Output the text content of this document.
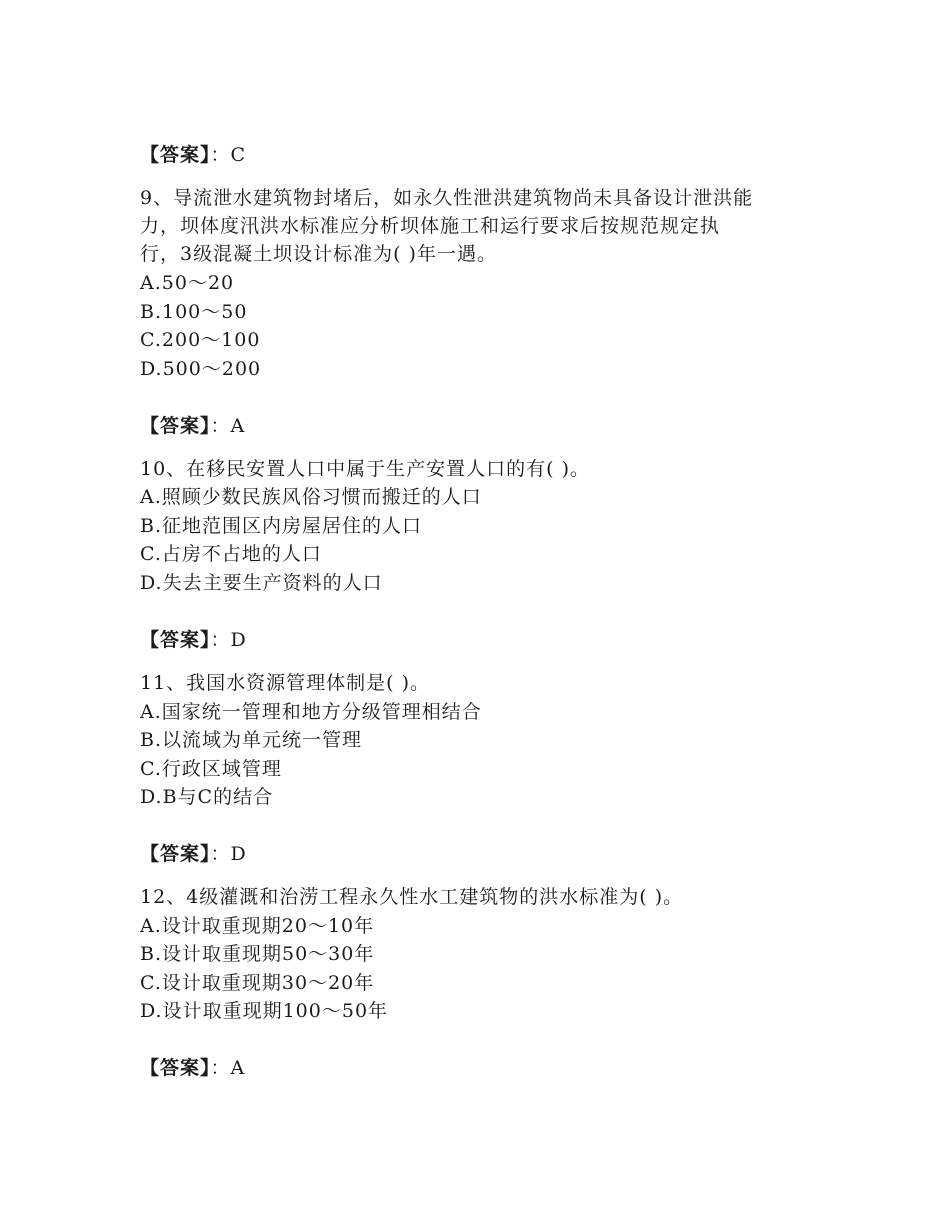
【答案】：C
9、导流泄水建筑物封堵后，如永久性泄洪建筑物尚未具备设计泄洪能
力，坝体度汛洪水标准应分析坝体施工和运行要求后按规范规定执
行，3级混凝土坝设计标准为( )年一遇。
A.50～20
B.100～50
C.200～100
D.500～200
【答案】：A
10、在移民安置人口中属于生产安置人口的有( )。
A.照顾少数民族风俗习惯而搬迁的人口
B.征地范围区内房屋居住的人口
C.占房不占地的人口
D.失去主要生产资料的人口
【答案】：D
11、我国水资源管理体制是( )。
A.国家统一管理和地方分级管理相结合
B.以流域为单元统一管理
C.行政区域管理
D.B与C的结合
【答案】：D
12、4级灌溉和治涝工程永久性水工建筑物的洪水标准为( )。
A.设计取重现期20～10年
B.设计取重现期50～30年
C.设计取重现期30～20年
D.设计取重现期100～50年
【答案】：A
